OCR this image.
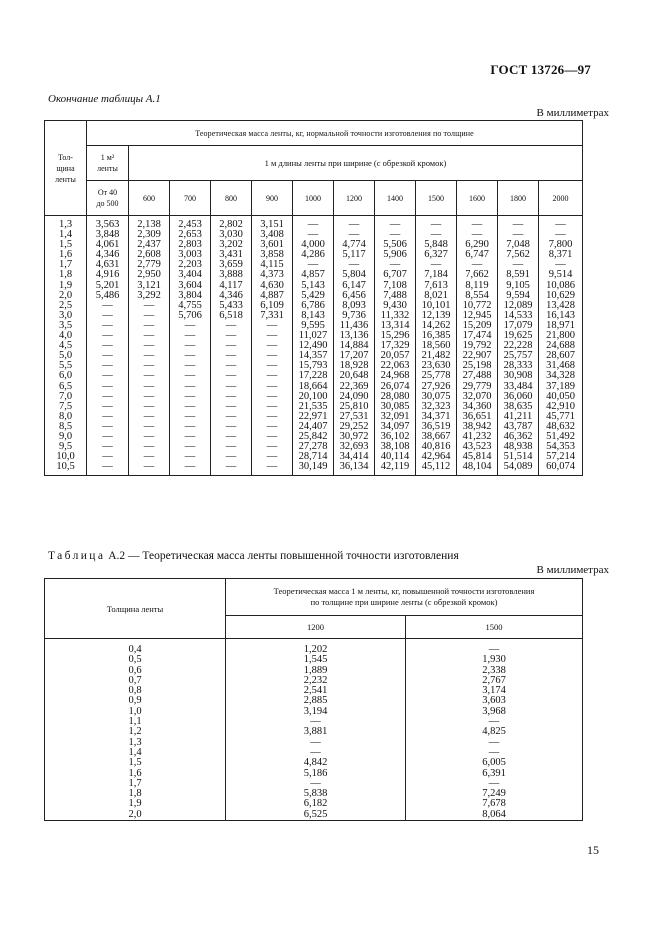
ГОСТ 13726—97
Окончание таблицы А.1
В миллиметрах
Тол-
щина
ленты	Теоретическая масса ленты, кг, нормальной точности изготовления по толщине											
	1 м²
ленты	1 м длины ленты при ширине (с обрезкой кромок)										
	От 40
до 500	600	700	800	900	1000	1200	1400	1500	1600	1800	2000
1,3	3,563	2,138	2,453	2,802	3,151	—	—	—	—	—	—	—
1,4	3,848	2,309	2,653	3,030	3,408	—	—	—	—	—	—	—
1,5	4,061	2,437	2,803	3,202	3,601	4,000	4,774	5,506	5,848	6,290	7,048	7,800
1,6	4,346	2,608	3,003	3,431	3,858	4,286	5,117	5,906	6,327	6,747	7,562	8,371
1,7	4,631	2,779	2,203	3,659	4,115	—	—	—	—	—	—	—
1,8	4,916	2,950	3,404	3,888	4,373	4,857	5,804	6,707	7,184	7,662	8,591	9,514
1,9	5,201	3,121	3,604	4,117	4,630	5,143	6,147	7,108	7,613	8,119	9,105	10,086
2,0	5,486	3,292	3,804	4,346	4,887	5,429	6,456	7,488	8,021	8,554	9,594	10,629
2,5	—	—	4,755	5,433	6,109	6,786	8,093	9,430	10,101	10,772	12,089	13,428
3,0	—	—	5,706	6,518	7,331	8,143	9,736	11,332	12,139	12,945	14,533	16,143
3,5	—	—	—	—	—	9,595	11,436	13,314	14,262	15,209	17,079	18,971
4,0	—	—	—	—	—	11,027	13,136	15,296	16,385	17,474	19,625	21,800
4,5	—	—	—	—	—	12,490	14,884	17,329	18,560	19,792	22,228	24,688
5,0	—	—	—	—	—	14,357	17,207	20,057	21,482	22,907	25,757	28,607
5,5	—	—	—	—	—	15,793	18,928	22,063	23,630	25,198	28,333	31,468
6,0	—	—	—	—	—	17,228	20,648	24,968	25,778	27,488	30,908	34,328
6,5	—	—	—	—	—	18,664	22,369	26,074	27,926	29,779	33,484	37,189
7,0	—	—	—	—	—	20,100	24,090	28,080	30,075	32,070	36,060	40,050
7,5	—	—	—	—	—	21,535	25,810	30,085	32,323	34,360	38,635	42,910
8,0	—	—	—	—	—	22,971	27,531	32,091	34,371	36,651	41,211	45,771
8,5	—	—	—	—	—	24,407	29,252	34,097	36,519	38,942	43,787	48,632
9,0	—	—	—	—	—	25,842	30,972	36,102	38,667	41,232	46,362	51,492
9,5	—	—	—	—	—	27,278	32,693	38,108	40,816	43,523	48,938	54,353
10,0	—	—	—	—	—	28,714	34,414	40,114	42,964	45,814	51,514	57,214
10,5	—	—	—	—	—	30,149	36,134	42,119	45,112	48,104	54,089	60,074
Таблица А.2 — Теоретическая масса ленты повышенной точности изготовления
В миллиметрах
Толщина ленты	Теоретическая масса 1 м ленты, кг, повышенной точности изготовления
по толщине при ширине ленты (с обрезкой кромок)	
	1200	1500
0,4	1,202	—
0,5	1,545	1,930
0,6	1,889	2,338
0,7	2,232	2,767
0,8	2,541	3,174
0,9	2,885	3,603
1,0	3,194	3,968
1,1	—	—
1,2	3,881	4,825
1,3	—	—
1,4	—	—
1,5	4,842	6,005
1,6	5,186	6,391
1,7	—	—
1,8	5,838	7,249
1,9	6,182	7,678
2,0	6,525	8,064
15
